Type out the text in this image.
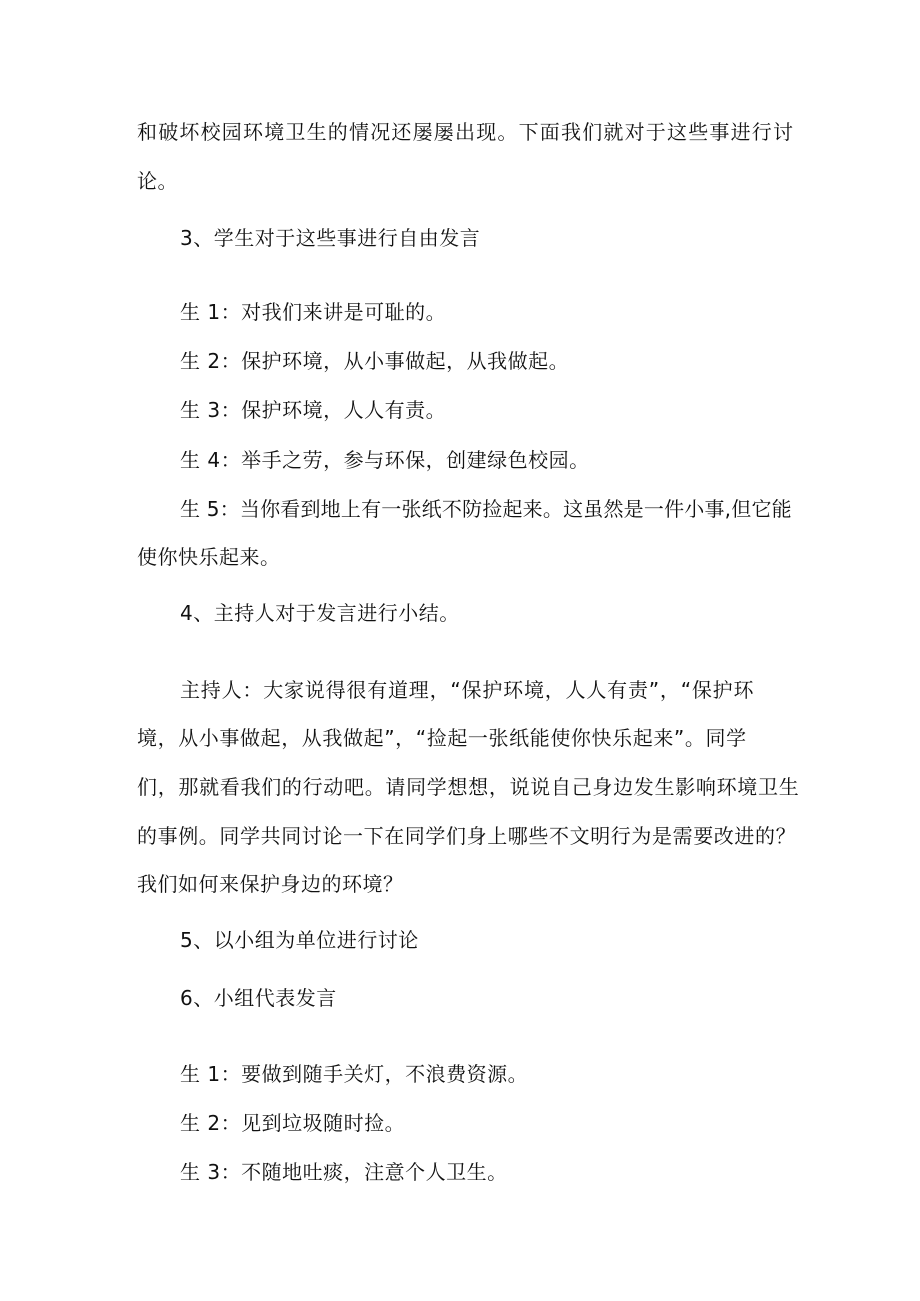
和破坏校园环境卫生的情况还屡屡出现。下面我们就对于这些事进行讨
论。
3、学生对于这些事进行自由发言
生 1：对我们来讲是可耻的。
生 2：保护环境，从小事做起，从我做起。
生 3：保护环境，人人有责。
生 4：举手之劳，参与环保，创建绿色校园。
生 5：当你看到地上有一张纸不防捡起来。这虽然是一件小事,但它能
使你快乐起来。
4、主持人对于发言进行小结。
主持人：大家说得很有道理，“保护环境，人人有责”，“保护环
境，从小事做起，从我做起”，“捡起一张纸能使你快乐起来”。同学
们，那就看我们的行动吧。请同学想想，说说自己身边发生影响环境卫生
的事例。同学共同讨论一下在同学们身上哪些不文明行为是需要改进的？
我们如何来保护身边的环境？
5、以小组为单位进行讨论
6、小组代表发言
生 1：要做到随手关灯，不浪费资源。
生 2：见到垃圾随时捡。
生 3：不随地吐痰，注意个人卫生。
